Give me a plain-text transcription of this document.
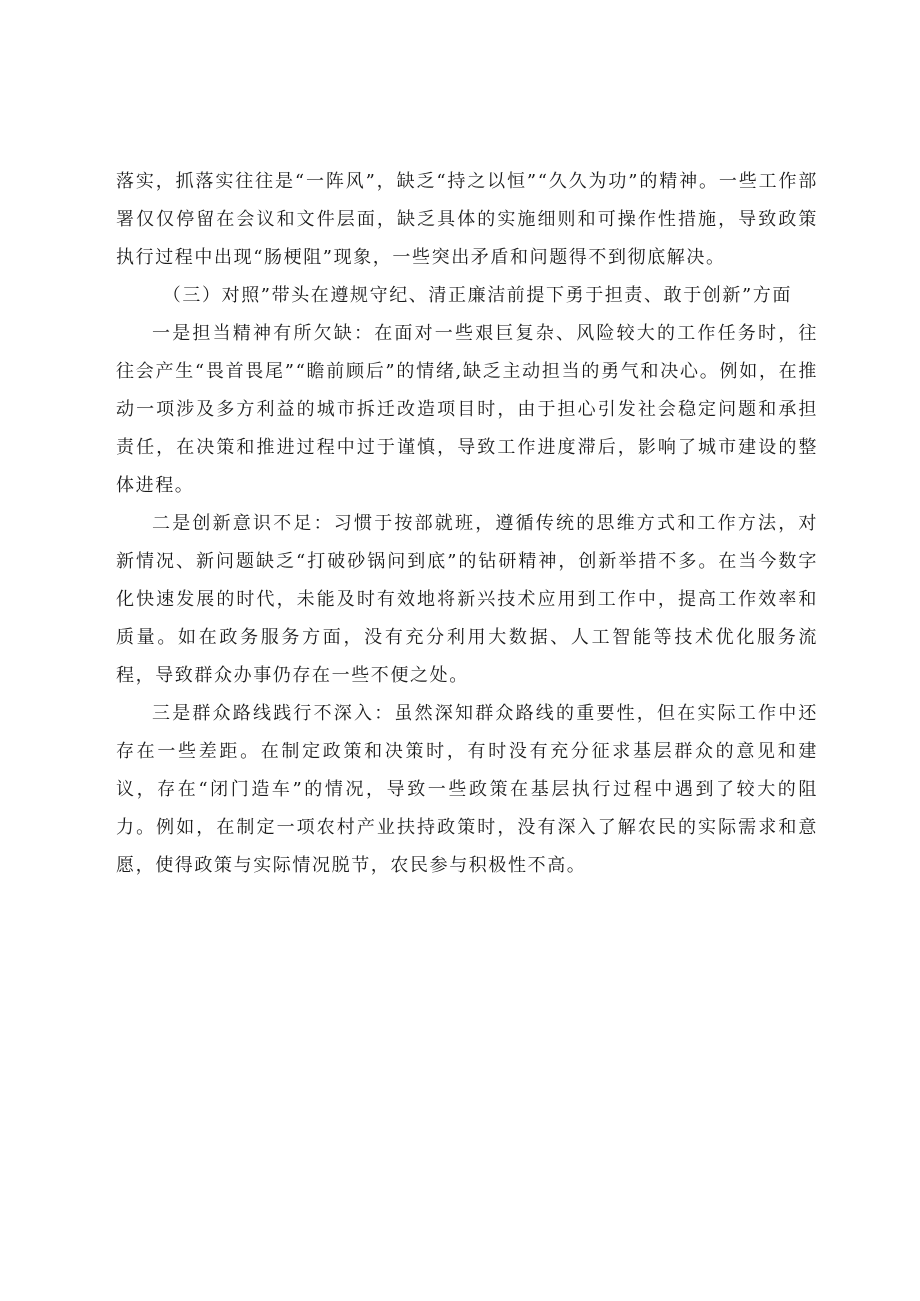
落实，抓落实往往是“一阵风”，缺乏“持之以恒”“久久为功”的精神。一些工作部署仅仅停留在会议和文件层面，缺乏具体的实施细则和可操作性措施，导致政策执行过程中出现“肠梗阻”现象，一些突出矛盾和问题得不到彻底解决。

（三）对照”带头在遵规守纪、清正廉洁前提下勇于担责、敢于创新”方面

一是担当精神有所欠缺：在面对一些艰巨复杂、风险较大的工作任务时，往往会产生“畏首畏尾”“瞻前顾后”的情绪,缺乏主动担当的勇气和决心。例如，在推动一项涉及多方利益的城市拆迁改造项目时，由于担心引发社会稳定问题和承担责任，在决策和推进过程中过于谨慎，导致工作进度滞后，影响了城市建设的整体进程。

二是创新意识不足：习惯于按部就班，遵循传统的思维方式和工作方法，对新情况、新问题缺乏“打破砂锅问到底”的钻研精神，创新举措不多。在当今数字化快速发展的时代，未能及时有效地将新兴技术应用到工作中，提高工作效率和质量。如在政务服务方面，没有充分利用大数据、人工智能等技术优化服务流程，导致群众办事仍存在一些不便之处。

三是群众路线践行不深入：虽然深知群众路线的重要性，但在实际工作中还存在一些差距。在制定政策和决策时，有时没有充分征求基层群众的意见和建议，存在“闭门造车”的情况，导致一些政策在基层执行过程中遇到了较大的阻力。例如，在制定一项农村产业扶持政策时，没有深入了解农民的实际需求和意愿，使得政策与实际情况脱节，农民参与积极性不高。
